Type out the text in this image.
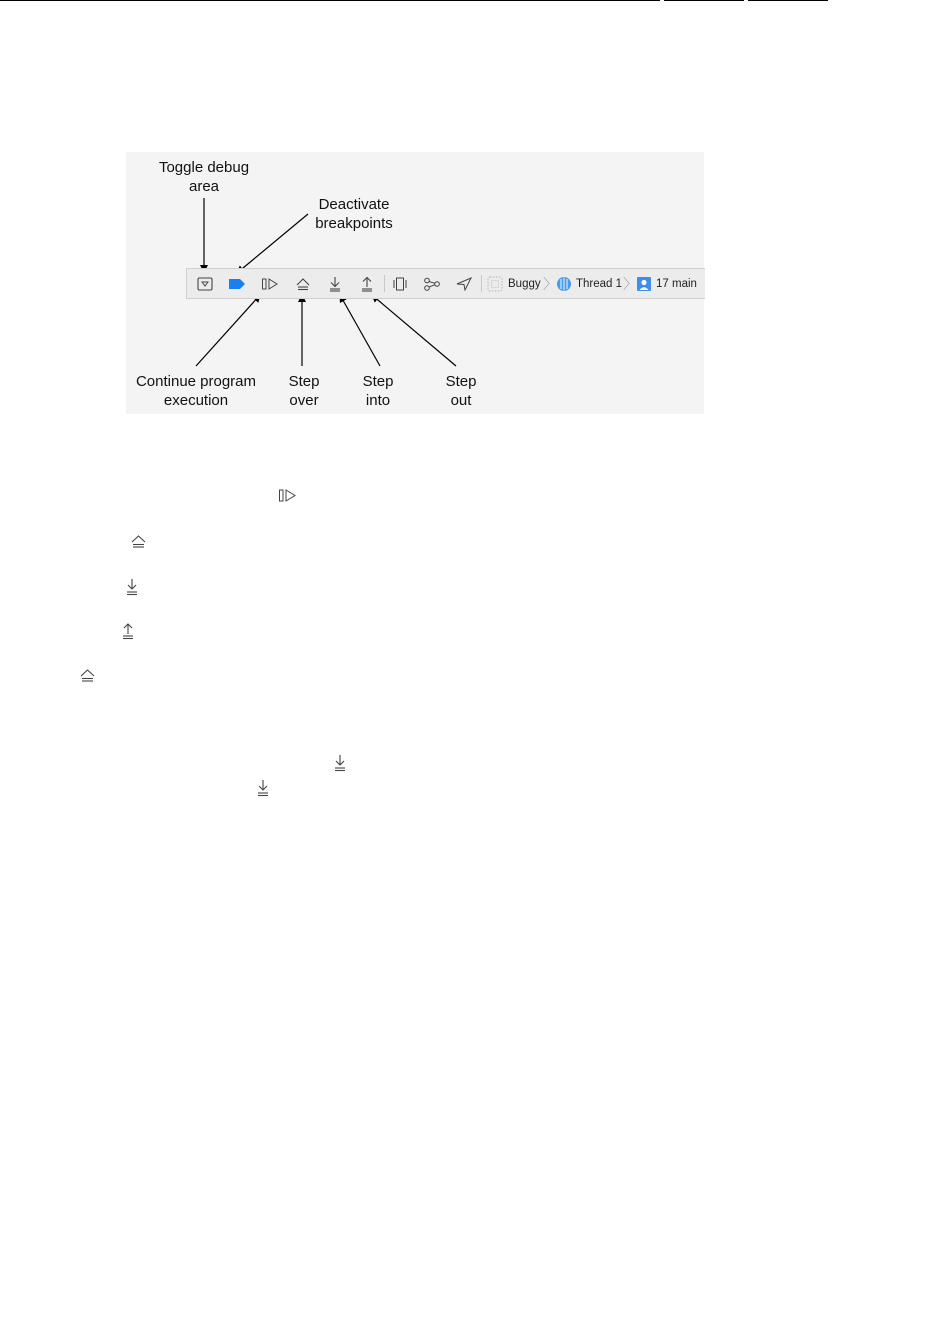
Toggle debug area
Deactivate breakpoints
Continue program execution
Step over
Step into
Step out
Buggy 〉 Thread 1 〉 17 main
